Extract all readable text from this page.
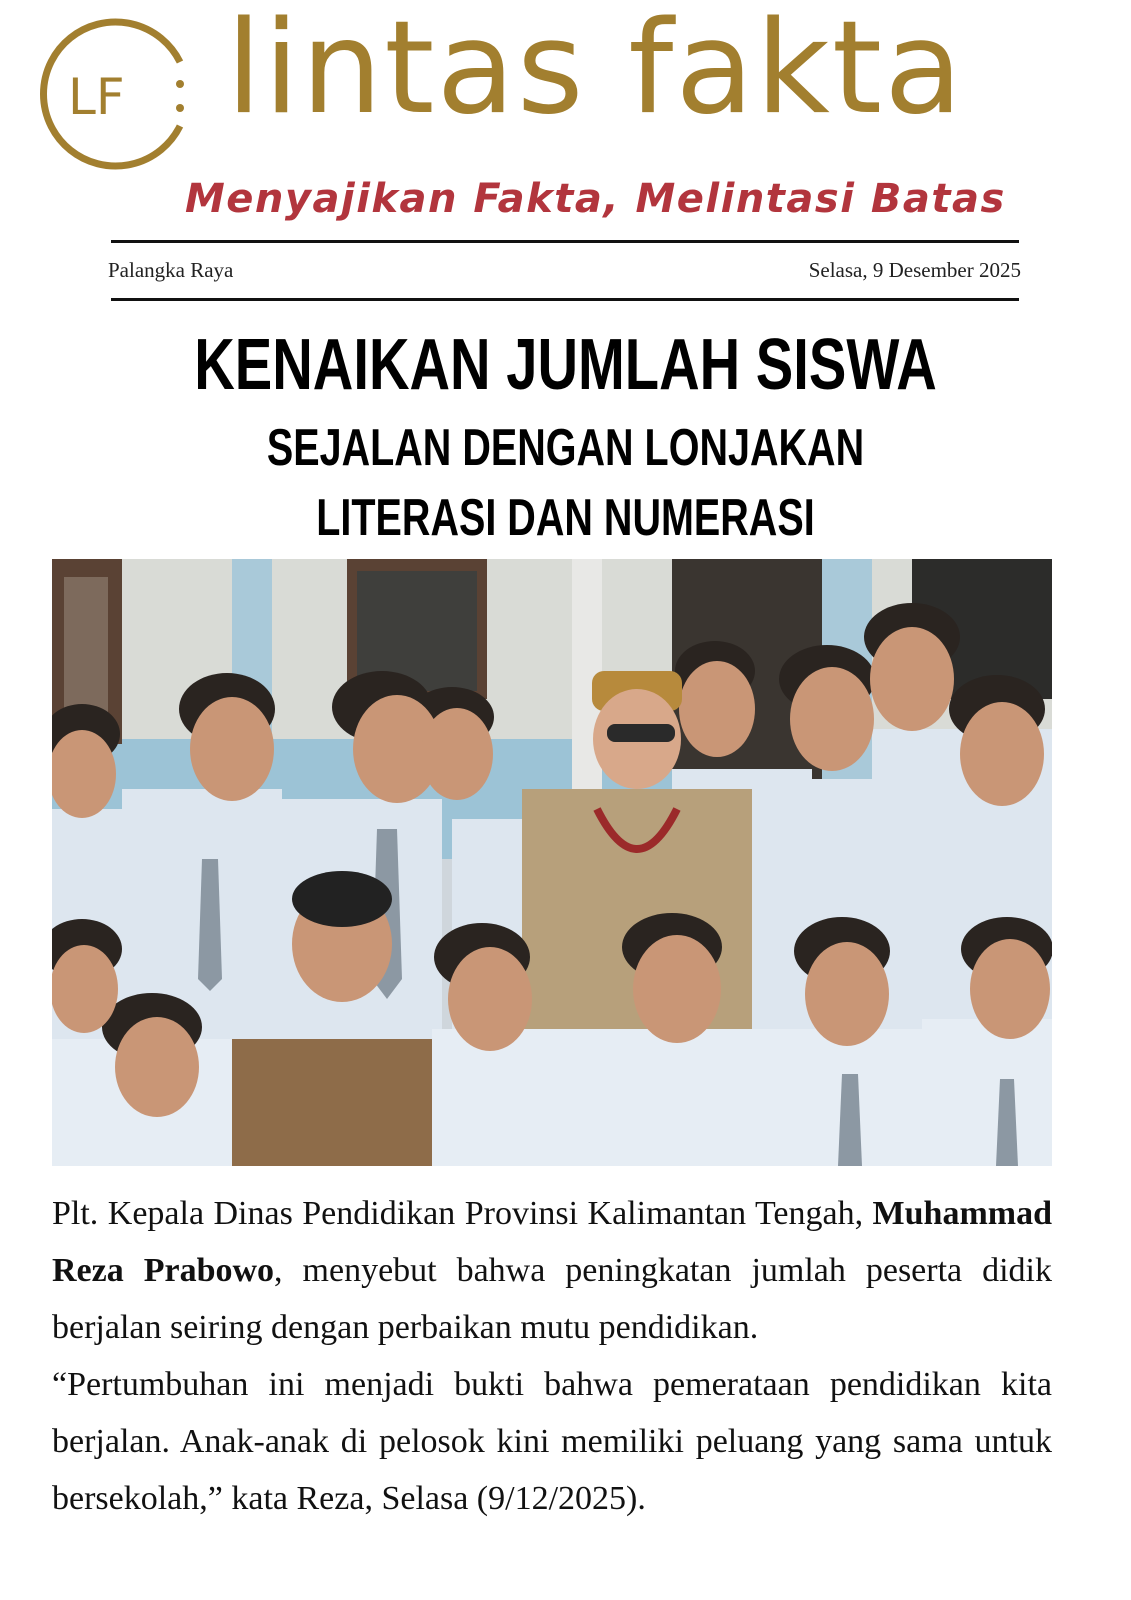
LF lintas fakta
Menyajikan Fakta, Melintasi Batas
Palangka Raya	Selasa, 9 Desember 2025
KENAIKAN JUMLAH SISWA
SEJALAN DENGAN LONJAKAN
LITERASI DAN NUMERASI

Plt. Kepala Dinas Pendidikan Provinsi Kalimantan Tengah, Muhammad Reza Prabowo, menyebut bahwa peningkatan jumlah peserta didik berjalan seiring dengan perbaikan mutu pendidikan.

“Pertumbuhan ini menjadi bukti bahwa pemerataan pendidikan kita berjalan. Anak-anak di pelosok kini memiliki peluang yang sama untuk bersekolah,” kata Reza, Selasa (9/12/2025).
